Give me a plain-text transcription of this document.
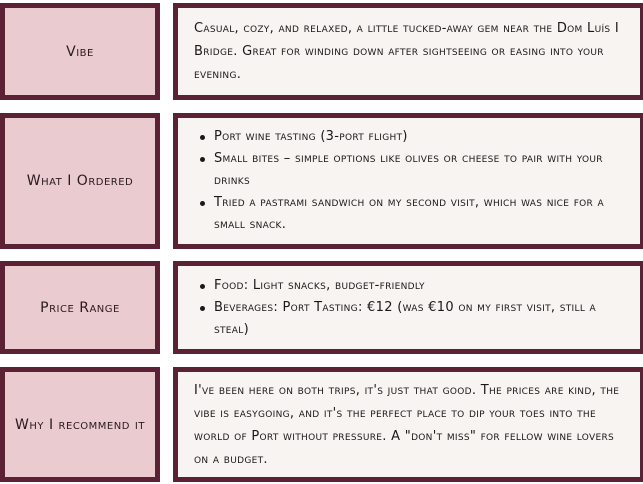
Vibe
Casual, cozy, and relaxed, a little tucked-away gem near the Dom Luís I Bridge. Great for winding down after sightseeing or easing into your evening.
What I Ordered
Port wine tasting (3-port flight)
Small bites – simple options like olives or cheese to pair with your drinks
Tried a pastrami sandwich on my second visit, which was nice for a small snack.
Price Range
Food: Light snacks, budget-friendly
Beverages: Port Tasting: €12 (was €10 on my first visit, still a steal)
Why I recommend it
I've been here on both trips, it's just that good. The prices are kind, the vibe is easygoing, and it's the perfect place to dip your toes into the world of Port without pressure. A "don't miss" for fellow wine lovers on a budget.
